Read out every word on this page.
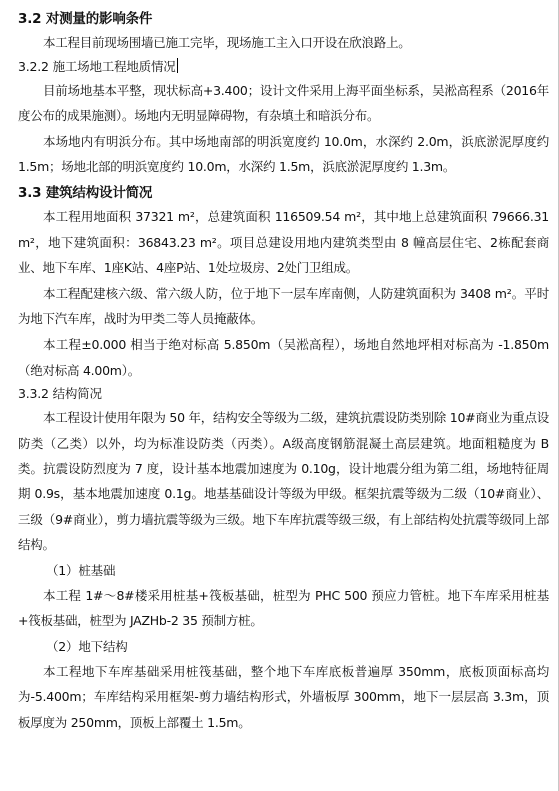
3.2 对测量的影响条件

本工程目前现场围墙已施工完毕，现场施工主入口开设在欣浪路上。

3.2.2 施工场地工程地质情况

目前场地基本平整，现状标高+3.400；设计文件采用上海平面坐标系，吴淞高程系（2016年度公布的成果施测）。场地内无明显障碍物，有杂填土和暗浜分布。

本场地内有明浜分布。其中场地南部的明浜宽度约 10.0m，水深约 2.0m，浜底淤泥厚度约 1.5m；场地北部的明浜宽度约 10.0m，水深约 1.5m，浜底淤泥厚度约 1.3m。

3.3 建筑结构设计简况

本工程用地面积 37321 m²，总建筑面积 116509.54 m²，其中地上总建筑面积 79666.31 m²，地下建筑面积：36843.23 m²。项目总建设用地内建筑类型由 8 幢高层住宅、2栋配套商业、地下车库、1座K站、4座P站、1处垃圾房、2处门卫组成。

本工程配建核六级、常六级人防，位于地下一层车库南侧，人防建筑面积为 3408 m²。平时为地下汽车库，战时为甲类二等人员掩蔽体。

本工程±0.000 相当于绝对标高 5.850m（吴淞高程），场地自然地坪相对标高为 -1.850m（绝对标高 4.00m）。

3.3.2 结构简况

本工程设计使用年限为 50 年，结构安全等级为二级，建筑抗震设防类别除 10#商业为重点设防类（乙类）以外，均为标准设防类（丙类）。A级高度钢筋混凝土高层建筑。地面粗糙度为 B 类。抗震设防烈度为 7 度，设计基本地震加速度为 0.10g，设计地震分组为第二组，场地特征周期 0.9s，基本地震加速度 0.1g。地基基础设计等级为甲级。框架抗震等级为二级（10#商业）、三级（9#商业），剪力墙抗震等级为三级。地下车库抗震等级三级，有上部结构处抗震等级同上部结构。

（1）桩基础

本工程 1#～8#楼采用桩基+筏板基础，桩型为 PHC 500 预应力管桩。地下车库采用桩基+筏板基础，桩型为 JAZHb-2 35 预制方桩。

（2）地下结构

本工程地下车库基础采用桩筏基础，整个地下车库底板普遍厚 350mm，底板顶面标高均为-5.400m；车库结构采用框架-剪力墙结构形式，外墙板厚 300mm，地下一层层高 3.3m，顶板厚度为 250mm，顶板上部覆土 1.5m。
